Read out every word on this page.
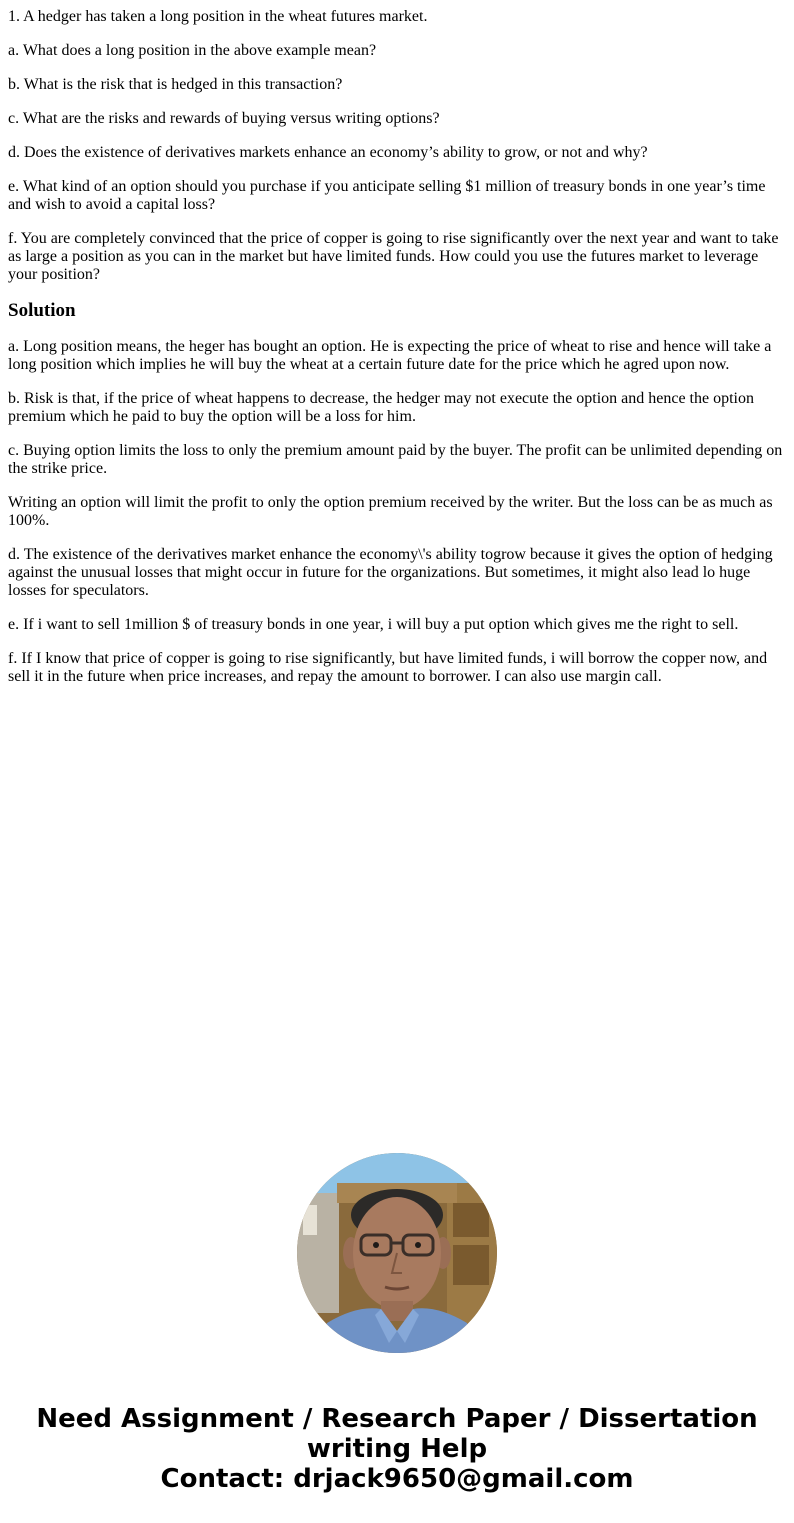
1. A hedger has taken a long position in the wheat futures market.

a. What does a long position in the above example mean?

b. What is the risk that is hedged in this transaction?

c. What are the risks and rewards of buying versus writing options?

d. Does the existence of derivatives markets enhance an economy’s ability to grow, or not and why?

e. What kind of an option should you purchase if you anticipate selling $1 million of treasury bonds in one year’s time and wish to avoid a capital loss?

f. You are completely convinced that the price of copper is going to rise significantly over the next year and want to take as large a position as you can in the market but have limited funds. How could you use the futures market to leverage your position?

Solution

a. Long position means, the heger has bought an option. He is expecting the price of wheat to rise and hence will take a long position which implies he will buy the wheat at a certain future date for the price which he agred upon now.

b. Risk is that, if the price of wheat happens to decrease, the hedger may not execute the option and hence the option premium which he paid to buy the option will be a loss for him.

c. Buying option limits the loss to only the premium amount paid by the buyer. The profit can be unlimited depending on the strike price.

Writing an option will limit the profit to only the option premium received by the writer. But the loss can be as much as 100%.

d. The existence of the derivatives market enhance the economy\'s ability togrow because it gives the option of hedging against the unusual losses that might occur in future for the organizations. But sometimes, it might also lead lo huge losses for speculators.

e. If i want to sell 1million $ of treasury bonds in one year, i will buy a put option which gives me the right to sell.

f. If I know that price of copper is going to rise significantly, but have limited funds, i will borrow the copper now, and sell it in the future when price increases, and repay the amount to borrower. I can also use margin call.

Need Assignment / Research Paper / Dissertation
writing Help
Contact: drjack9650@gmail.com
